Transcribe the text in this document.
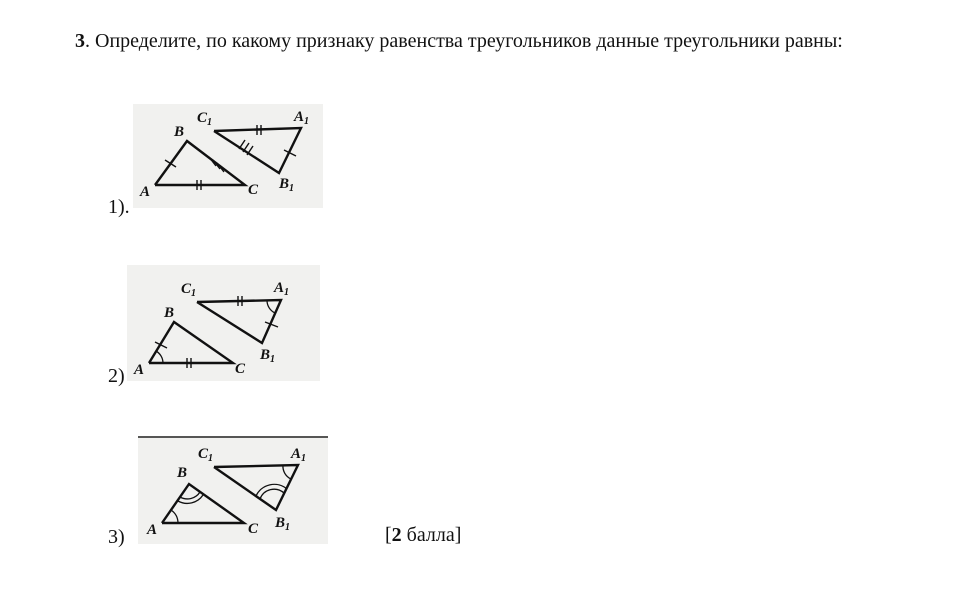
3. Определите, по какому признаку равенства треугольников данные треугольники равны:
1).
A
B
C
$C_1$	$A_1$
$B_1$
2) A
B
C
$C_1$	$A_1$
$B_1$
3) A
B
C
$C_1$	$A_1$
$B_1$	[2 балла]
